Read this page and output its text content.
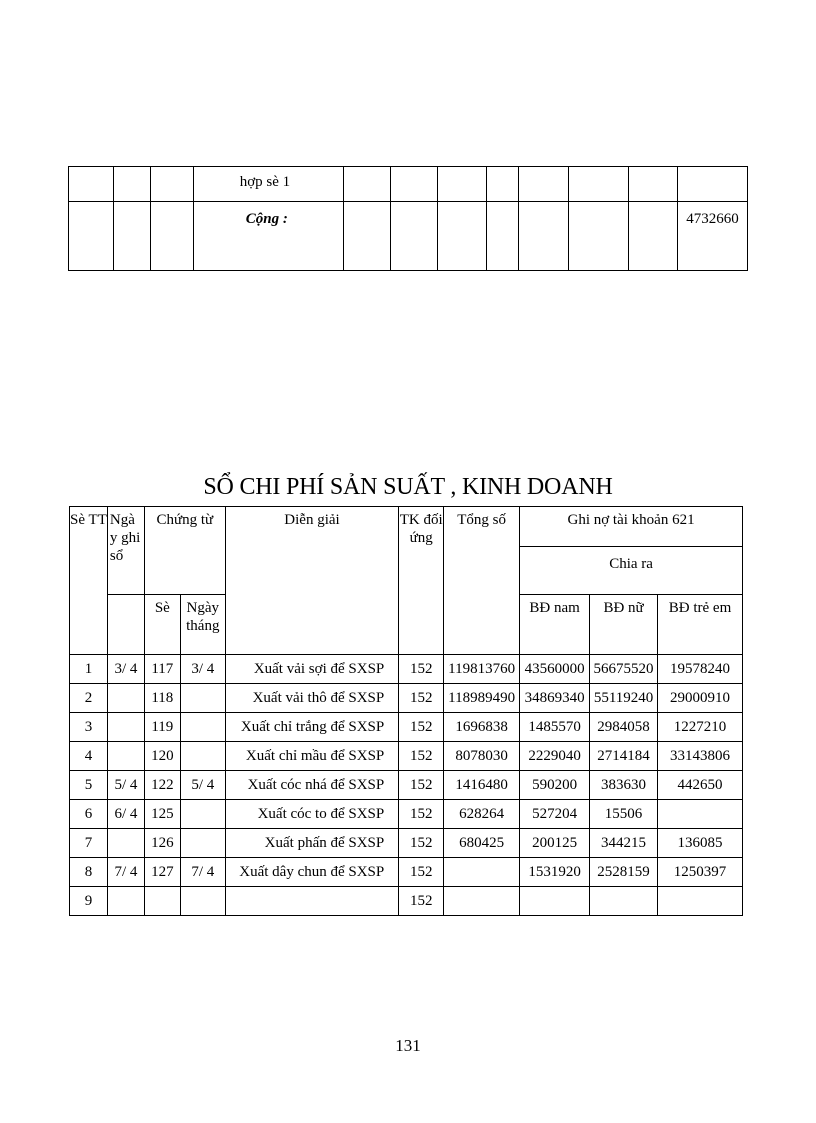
			hợp sè 1								
			Cộng :								4732660
SỔ CHI PHÍ SẢN SUẤT , KINH DOANH
Sè TT	Ngà y ghi sổ	Chứng từ		Diễn giải	TK đối ứng	Tổng số	Ghi nợ tài khoản 621		
							Chia ra		
		Sè	Ngày tháng				BĐ nam	BĐ nữ	BĐ trẻ em
1	3/ 4	117	3/ 4	Xuất vải sợi để SXSP	152	119813760	43560000	56675520	19578240
2		118		Xuất vải thô để SXSP	152	118989490	34869340	55119240	29000910
3		119		Xuất chỉ trắng để SXSP	152	1696838	1485570	2984058	1227210
4		120		Xuất chỉ mầu để SXSP	152	8078030	2229040	2714184	33143806
5	5/ 4	122	5/ 4	Xuất cóc nhá để SXSP	152	1416480	590200	383630	442650
6	6/ 4	125		Xuất cóc to để SXSP	152	628264	527204	15506	
7		126		Xuất phấn để SXSP	152	680425	200125	344215	136085
8	7/ 4	127	7/ 4	Xuất dây chun để SXSP	152		1531920	2528159	1250397
9					152				
131
